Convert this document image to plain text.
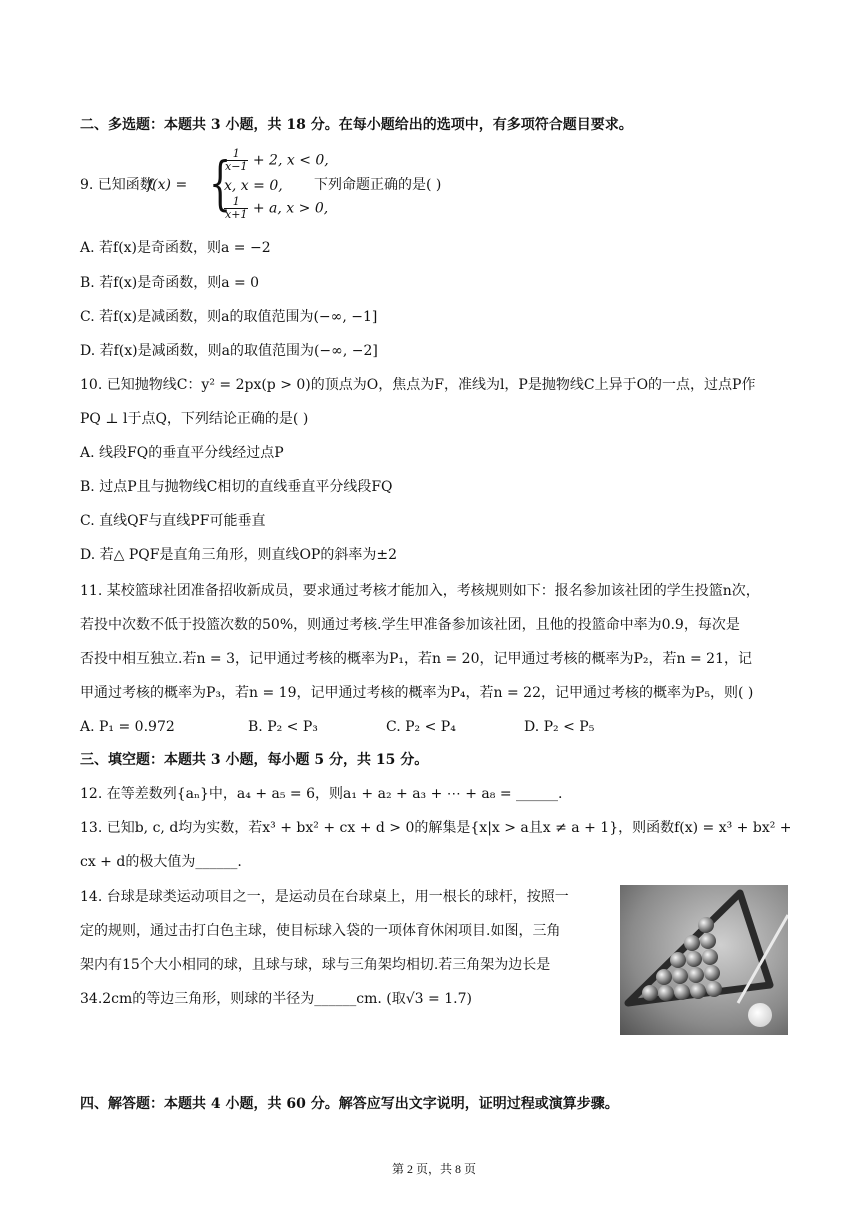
二、多选题：本题共 3 小题，共 18 分。在每小题给出的选项中，有多项符合题目要求。
9. 已知函数
f(x) = {
$\frac{1}{x-1} + 2$, x < 0,
x, x = 0,
$\frac{1}{x+1} + a$, x > 0,
下列命题正确的是( )
A. 若f(x)是奇函数，则a = −2
B. 若f(x)是奇函数，则a = 0
C. 若f(x)是减函数，则a的取值范围为(−∞, −1]
D. 若f(x)是减函数，则a的取值范围为(−∞, −2]
10. 已知抛物线C：y² = 2px(p > 0)的顶点为O，焦点为F，准线为l，P是抛物线C上异于O的一点，过点P作
PQ ⊥ l于点Q，下列结论正确的是( )
A. 线段FQ的垂直平分线经过点P
B. 过点P且与抛物线C相切的直线垂直平分线段FQ
C. 直线QF与直线PF可能垂直
D. 若△ PQF是直角三角形，则直线OP的斜率为±2
11. 某校篮球社团准备招收新成员，要求通过考核才能加入，考核规则如下：报名参加该社团的学生投篮n次，
若投中次数不低于投篮次数的50%，则通过考核.学生甲准备参加该社团，且他的投篮命中率为0.9，每次是
否投中相互独立.若n = 3，记甲通过考核的概率为P₁，若n = 20，记甲通过考核的概率为P₂，若n = 21，记
甲通过考核的概率为P₃，若n = 19，记甲通过考核的概率为P₄，若n = 22，记甲通过考核的概率为P₅，则( )
A. P₁ = 0.972	B. P₂ < P₃	C. P₂ < P₄	D. P₂ < P₅
三、填空题：本题共 3 小题，每小题 5 分，共 15 分。
12. 在等差数列{aₙ}中，a₄ + a₅ = 6，则a₁ + a₂ + a₃ + ⋯ + a₈ = ______.
13. 已知b, c, d均为实数，若x³ + bx² + cx + d > 0的解集是{x|x > a且x ≠ a + 1}，则函数f(x) = x³ + bx² +
cx + d的极大值为______.
14. 台球是球类运动项目之一，是运动员在台球桌上，用一根长的球杆，按照一
定的规则，通过击打白色主球，使目标球入袋的一项体育休闲项目.如图，三角
架内有15个大小相同的球，且球与球，球与三角架均相切.若三角架为边长是
34.2cm的等边三角形，则球的半径为______cm. (取√3 = 1.7)
四、解答题：本题共 4 小题，共 60 分。解答应写出文字说明，证明过程或演算步骤。
第 2 页，共 8 页
